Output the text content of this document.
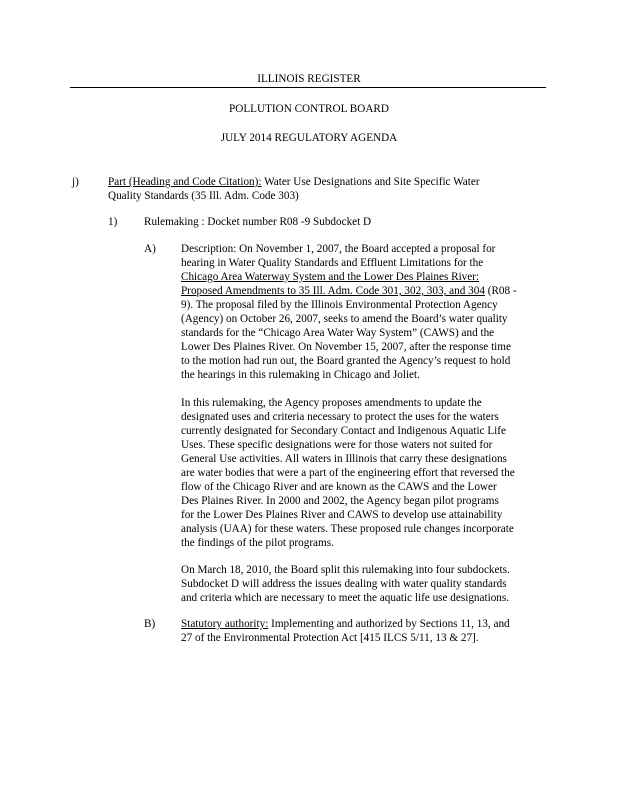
ILLINOIS REGISTER
POLLUTION CONTROL BOARD
JULY 2014 REGULATORY AGENDA
j)	Part (Heading and Code Citation): Water Use Designations and Site Specific Water
Quality Standards (35 Ill. Adm. Code 303)
1) Rulemaking : Docket number R08 -9 Subdocket D
A) Description: On November 1, 2007, the Board accepted a proposal for
hearing in Water Quality Standards and Effluent Limitations for the
Chicago Area Waterway System and the Lower Des Plaines River:
Proposed Amendments to 35 Ill. Adm. Code 301, 302, 303, and 304 (R08 -
9). The proposal filed by the Illinois Environmental Protection Agency
(Agency) on October 26, 2007, seeks to amend the Board’s water quality
standards for the “Chicago Area Water Way System” (CAWS) and the
Lower Des Plaines River. On November 15, 2007, after the response time
to the motion had run out, the Board granted the Agency’s request to hold
the hearings in this rulemaking in Chicago and Joliet.
In this rulemaking, the Agency proposes amendments to update the
designated uses and criteria necessary to protect the uses for the waters
currently designated for Secondary Contact and Indigenous Aquatic Life
Uses. These specific designations were for those waters not suited for
General Use activities. All waters in Illinois that carry these designations
are water bodies that were a part of the engineering effort that reversed the
flow of the Chicago River and are known as the CAWS and the Lower
Des Plaines River. In 2000 and 2002, the Agency began pilot programs
for the Lower Des Plaines River and CAWS to develop use attainability
analysis (UAA) for these waters. These proposed rule changes incorporate
the findings of the pilot programs.
On March 18, 2010, the Board split this rulemaking into four subdockets.
Subdocket D will address the issues dealing with water quality standards
and criteria which are necessary to meet the aquatic life use designations.
B) Statutory authority: Implementing and authorized by Sections 11, 13, and
27 of the Environmental Protection Act [415 ILCS 5/11, 13 & 27].
